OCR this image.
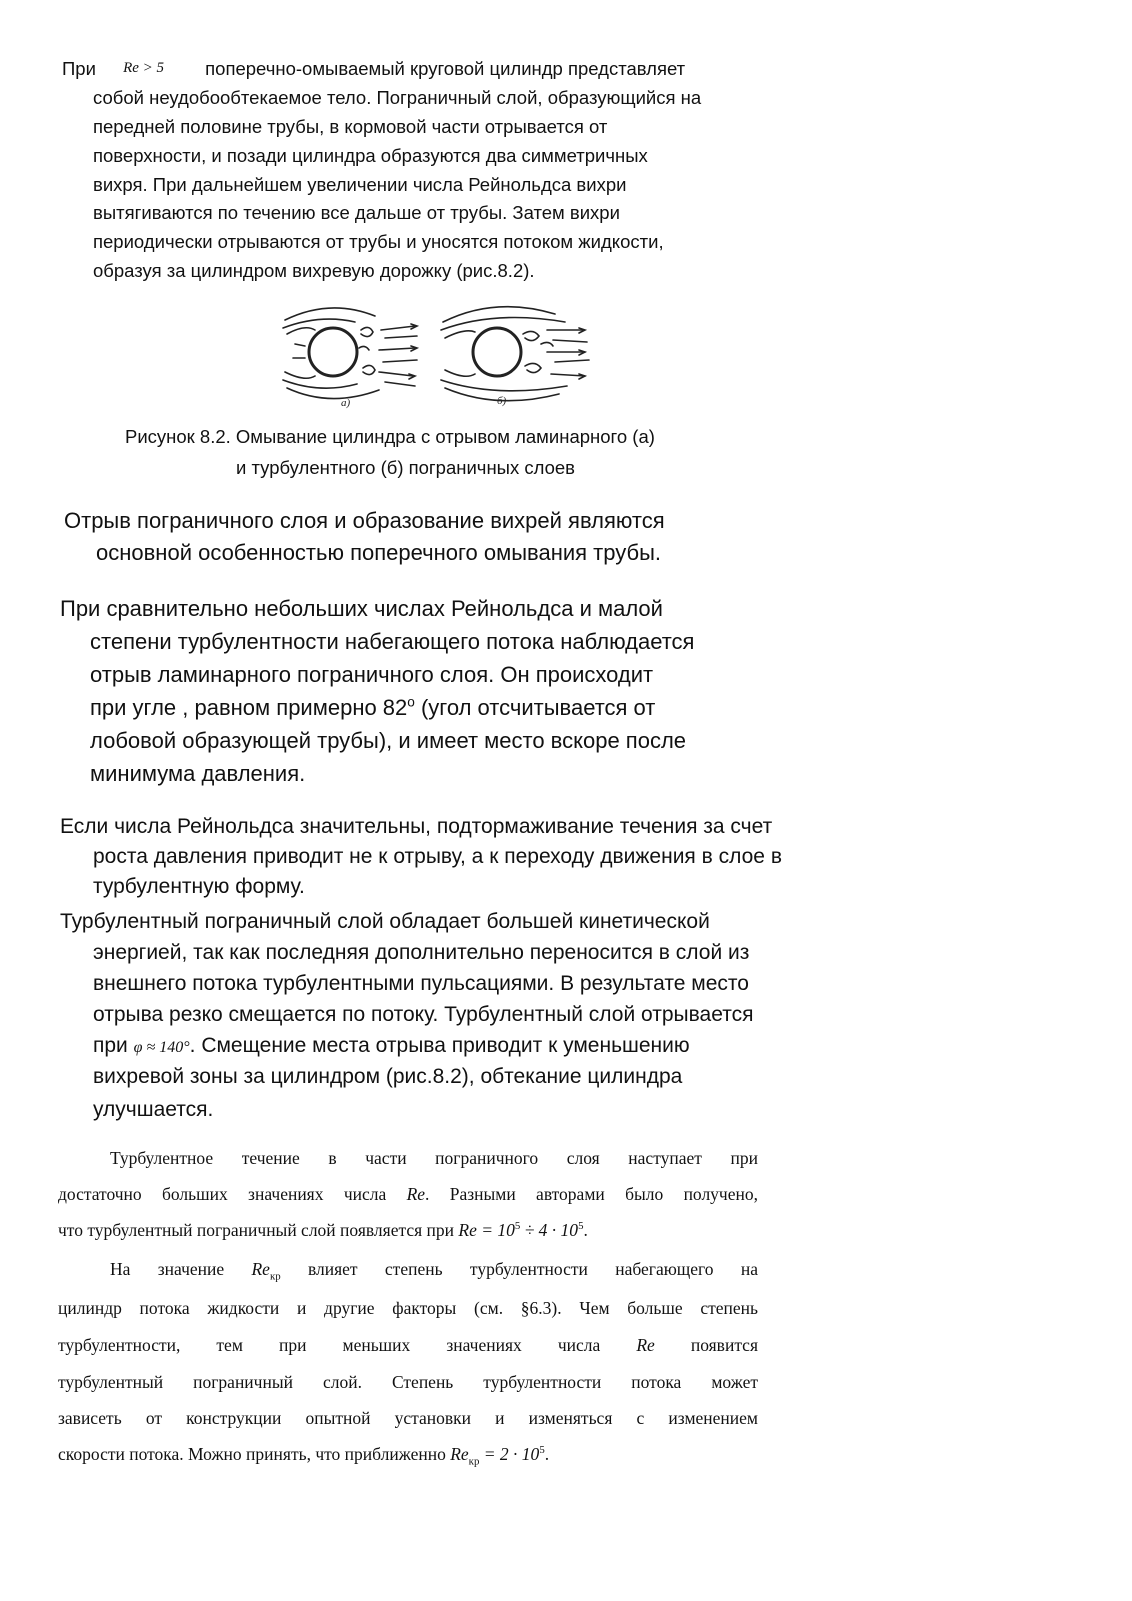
При Re > 5 поперечно-омываемый круговой цилиндр представляет
собой неудобообтекаемое тело. Пограничный слой, образующийся на
передней половине трубы, в кормовой части отрывается от
поверхности, и позади цилиндра образуются два симметричных
вихря. При дальнейшем увеличении числа Рейнольдса вихри
вытягиваются по течению все дальше от трубы. Затем вихри
периодически отрываются от трубы и уносятся потоком жидкости,
образуя за цилиндром вихревую дорожку (рис.8.2).
а)	б)
Рисунок 8.2. Омывание цилиндра с отрывом ламинарного (а)
и турбулентного (б) пограничных слоев
Отрыв пограничного слоя и образование вихрей являются
основной особенностью поперечного омывания трубы.
При сравнительно небольших числах Рейнольдса и малой
степени турбулентности набегающего потока наблюдается
отрыв ламинарного пограничного слоя. Он происходит
при угле , равном примерно 82$^o$ (угол отсчитывается от
лобовой образующей трубы), и имеет место вскоре после
минимума давления.
Если числа Рейнольдса значительны, подтормаживание течения за счет
роста давления приводит не к отрыву, а к переходу движения в слое в
турбулентную форму.
Турбулентный пограничный слой обладает большей кинетической
энергией, так как последняя дополнительно переносится в слой из
внешнего потока турбулентными пульсациями. В результате место
отрыва резко смещается по потоку. Турбулентный слой отрывается
при φ ≈ 140°. Смещение места отрыва приводит к уменьшению
вихревой зоны за цилиндром (рис.8.2), обтекание цилиндра
улучшается.
Турбулентное течение в части пограничного слоя наступает при
достаточно больших значениях числа Re. Разными авторами было получено,
что турбулентный пограничный слой появляется при $Re = 10^5 \div 4 \cdot 10^5$.
На значение $Re_{кр}$ влияет степень турбулентности набегающего на
цилиндр потока жидкости и другие факторы (см. §6.3). Чем больше степень
турбулентности, тем при меньших значениях числа Re появится
турбулентный пограничный слой. Степень турбулентности потока может
зависеть от конструкции опытной установки и изменяться с изменением
скорости потока. Можно принять, что приближенно $Re_{кр} = 2 \cdot 10^5$.
